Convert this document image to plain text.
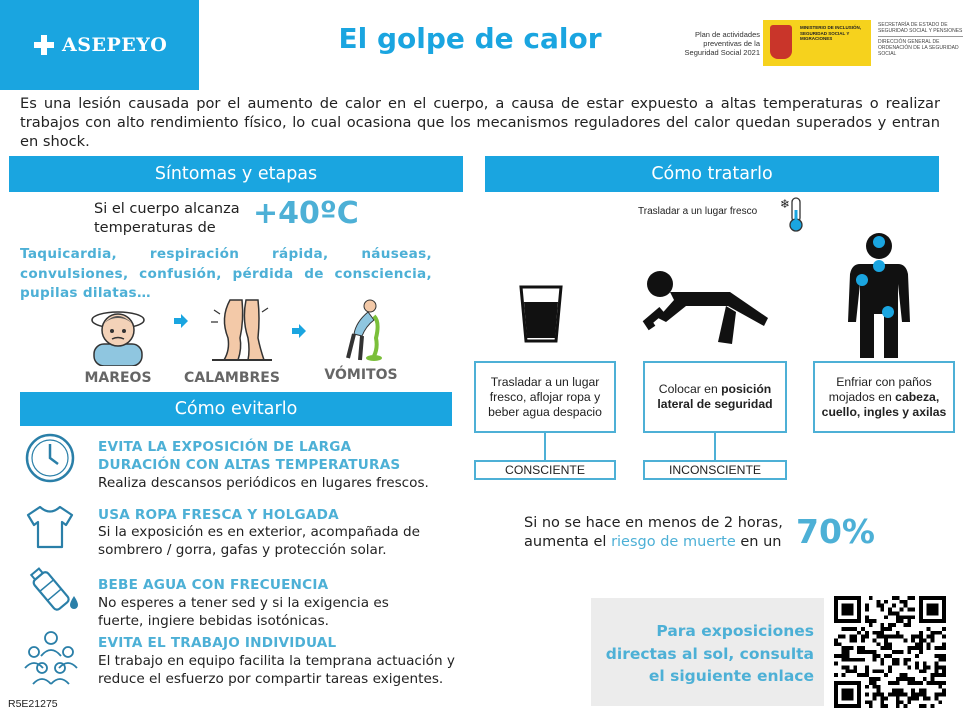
ASEPEYO	El golpe de calor	Plan de actividades preventivas de la Seguridad Social 2021
MINISTERIO DE INCLUSIÓN, SEGURIDAD SOCIAL Y MIGRACIONES
SECRETARÍA DE ESTADO DE SEGURIDAD SOCIAL Y PENSIONES
DIRECCIÓN GENERAL DE ORDENACIÓN DE LA SEGURIDAD SOCIAL
Es una lesión causada por el aumento de calor en el cuerpo, a causa de estar expuesto a altas temperaturas o realizar trabajos con alto rendimiento físico, lo cual ocasiona que los mecanismos reguladores del calor quedan superados y entran en shock.
Síntomas y etapas
Si el cuerpo alcanza temperaturas de	+40ºC
Taquicardia, respiración rápida, náuseas, convulsiones, confusión, pérdida de consciencia, pupilas dilatas…
MAREOS	CALAMBRES	VÓMITOS
Cómo evitarlo
EVITA LA EXPOSICIÓN DE LARGA DURACIÓN CON ALTAS TEMPERATURAS
Realiza descansos periódicos en lugares frescos.
USA ROPA FRESCA Y HOLGADA
Si la exposición es en exterior, acompañada de sombrero / gorra, gafas y protección solar.
BEBE AGUA CON FRECUENCIA
No esperes a tener sed y si la exigencia es fuerte, ingiere bebidas isotónicas.
EVITA EL TRABAJO INDIVIDUAL
El trabajo en equipo facilita la temprana actuación y reduce el esfuerzo por compartir tareas exigentes.
Cómo tratarlo
Trasladar a un lugar fresco
❄
Trasladar a un lugar fresco, aflojar ropa y beber agua despacio
Colocar en posición lateral de seguridad
Enfriar con paños mojados en cabeza, cuello, ingles y axilas
CONSCIENTE	INCONSCIENTE
Si no se hace en menos de 2 horas, aumenta el riesgo de muerte en un 70%
Para exposiciones directas al sol, consulta el siguiente enlace
R5E21275
